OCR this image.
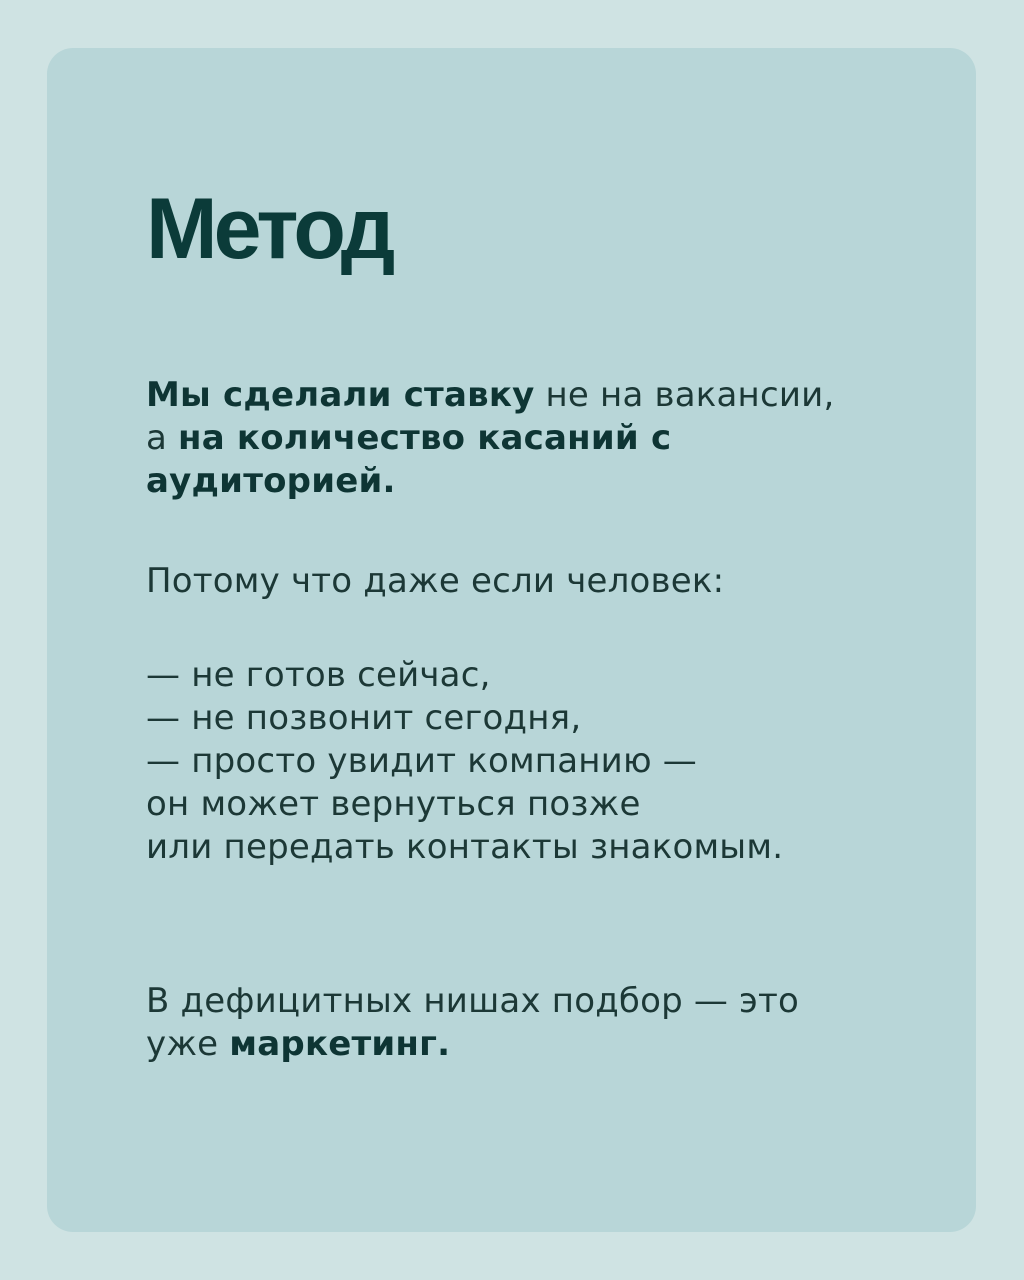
Метод

Мы сделали ставку не на вакансии,
а на количество касаний с
аудиторией.

Потому что даже если человек:

— не готов сейчас,
— не позвонит сегодня,
— просто увидит компанию —
он может вернуться позже
или передать контакты знакомым.

В дефицитных нишах подбор — это
уже маркетинг.
